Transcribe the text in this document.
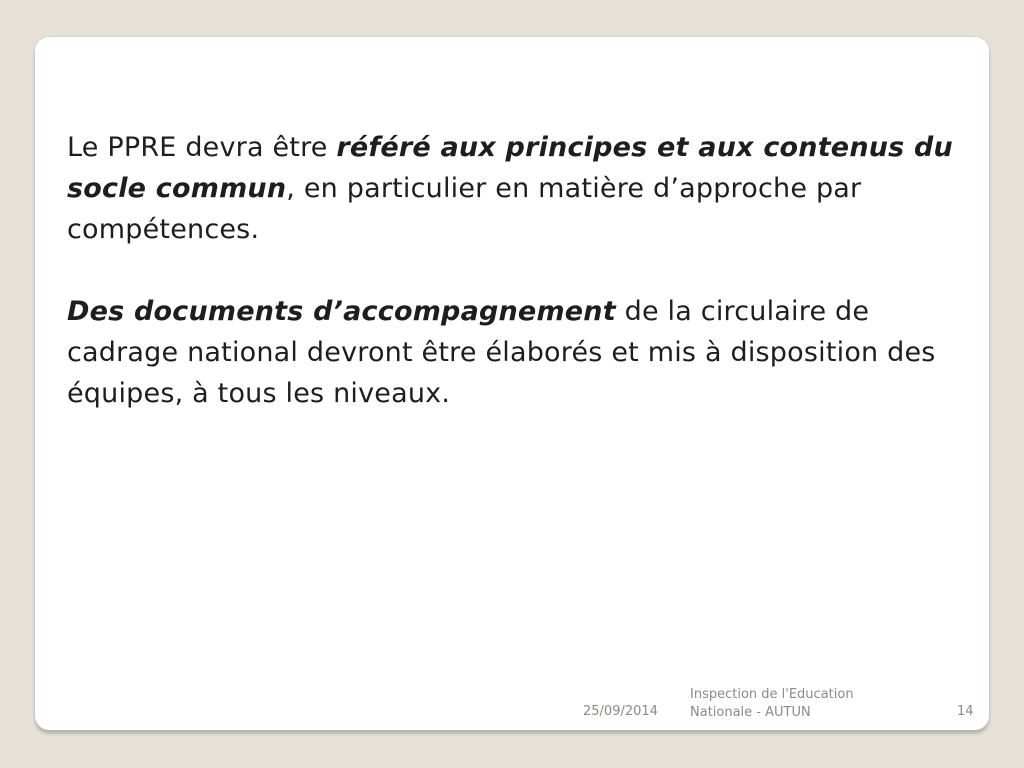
Le PPRE devra être référé aux principes et aux contenus du socle commun, en particulier en matière d’approche par compétences.

Des documents d’accompagnement de la circulaire de cadrage national devront être élaborés et mis à disposition des équipes, à tous les niveaux.

25/09/2014
Inspection de l'Education
Nationale - AUTUN	14
